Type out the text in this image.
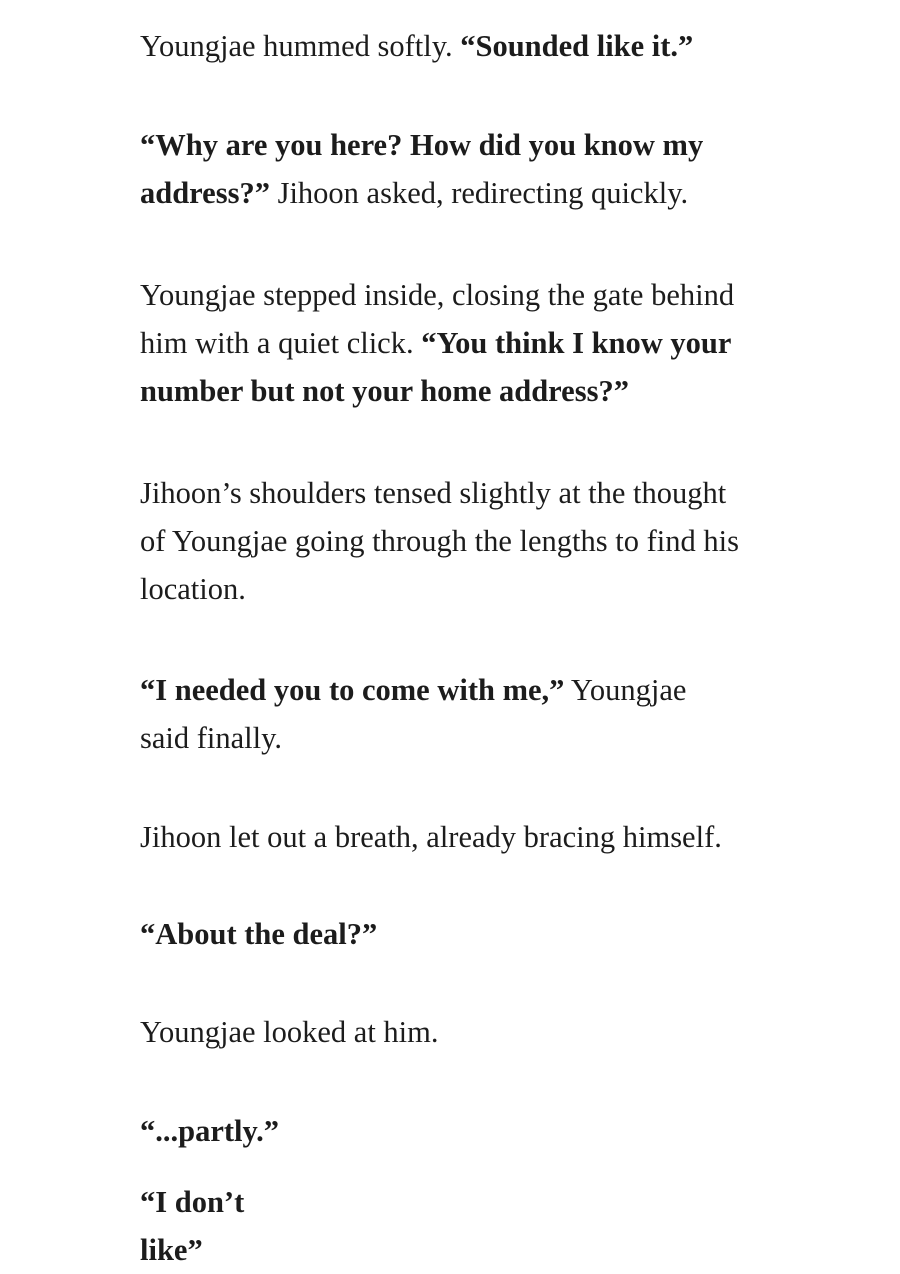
Youngjae hummed softly. “Sounded like it.”

“Why are you here? How did you know my
address?” Jihoon asked, redirecting quickly.

Youngjae stepped inside, closing the gate behind
him with a quiet click. “You think I know your
number but not your home address?”

Jihoon’s shoulders tensed slightly at the thought
of Youngjae going through the lengths to find his
location.

“I needed you to come with me,” Youngjae
said finally.

Jihoon let out a breath, already bracing himself.

“About the deal?”

Youngjae looked at him.

“...partly.”

“I don’t like”
